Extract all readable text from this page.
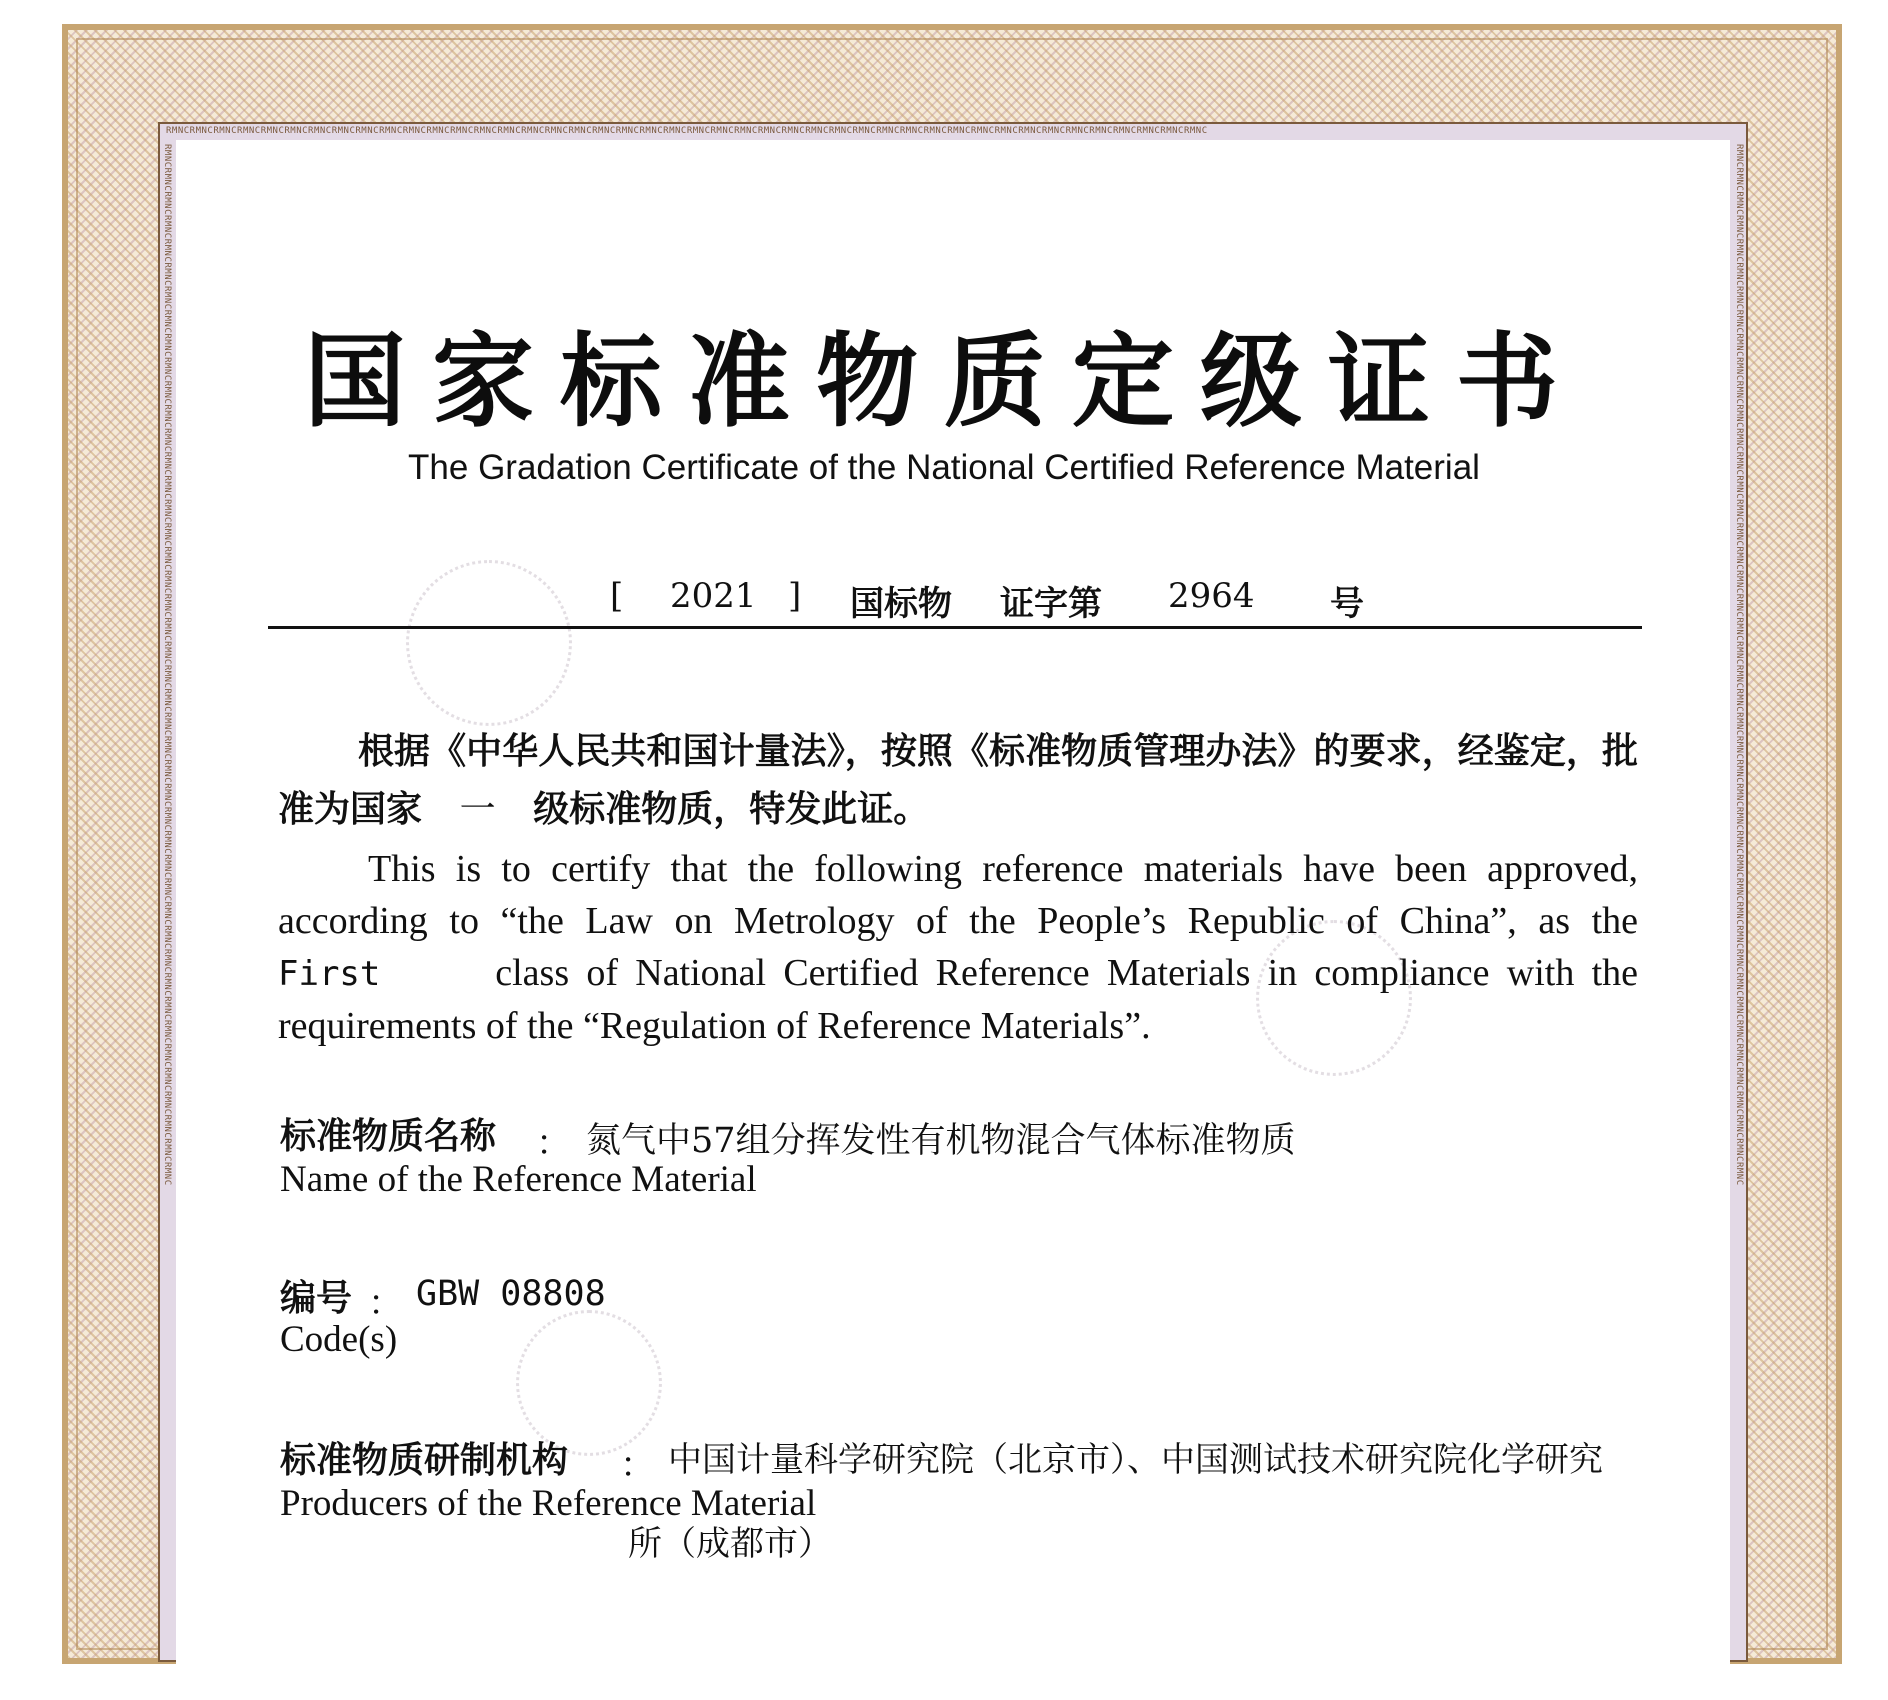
RMNCRMNCRMNCRMNCRMNCRMNCRMNCRMNCRMNCRMNCRMNCRMNCRMNCRMNCRMNCRMNCRMNCRMNCRMNCRMNCRMNCRMNCRMNCRMNCRMNCRMNCRMNCRMNCRMNCRMNCRMNCRMNCRMNCRMNCRMNCRMNCRMNCRMNCRMNCRMNCRMNCRMNCRMNCRMNC
RMNCRMNCRMNCRMNCRMNCRMNCRMNCRMNCRMNCRMNCRMNCRMNCRMNCRMNCRMNCRMNCRMNCRMNCRMNCRMNCRMNCRMNCRMNCRMNCRMNCRMNCRMNCRMNCRMNCRMNCRMNCRMNCRMNCRMNCRMNCRMNCRMNCRMNCRMNCRMNCRMNCRMNCRMNCRMNC	RMNCRMNCRMNCRMNCRMNCRMNCRMNCRMNCRMNCRMNCRMNCRMNCRMNCRMNCRMNCRMNCRMNCRMNCRMNCRMNCRMNCRMNCRMNCRMNCRMNCRMNCRMNCRMNCRMNCRMNCRMNCRMNCRMNCRMNCRMNCRMNCRMNCRMNCRMNCRMNCRMNCRMNCRMNCRMNC
国家标准物质定级证书
The Gradation Certificate of the National Certified Reference Material
[ 2021 ] 国标物 证字第 2964 号
根据《中华人民共和国计量法》，按照《标准物质管理办法》的要求，经鉴定，批准为国家 一 级标准物质，特发此证。
This is to certify that the following reference materials have been approved, according to “the Law on Metrology of the People’s Republic of China”, as the First	class of National Certified Reference Materials in compliance with the requirements of the “Regulation of Reference Materials”.
标准物质名称 ： 氮气中57组分挥发性有机物混合气体标准物质
Name of the Reference Material
编号 ： GBW 08808
Code(s)
标准物质研制机构 ： 中国计量科学研究院（北京市）、中国测试技术研究院化学研究
Producers of the Reference Material
所（成都市）
